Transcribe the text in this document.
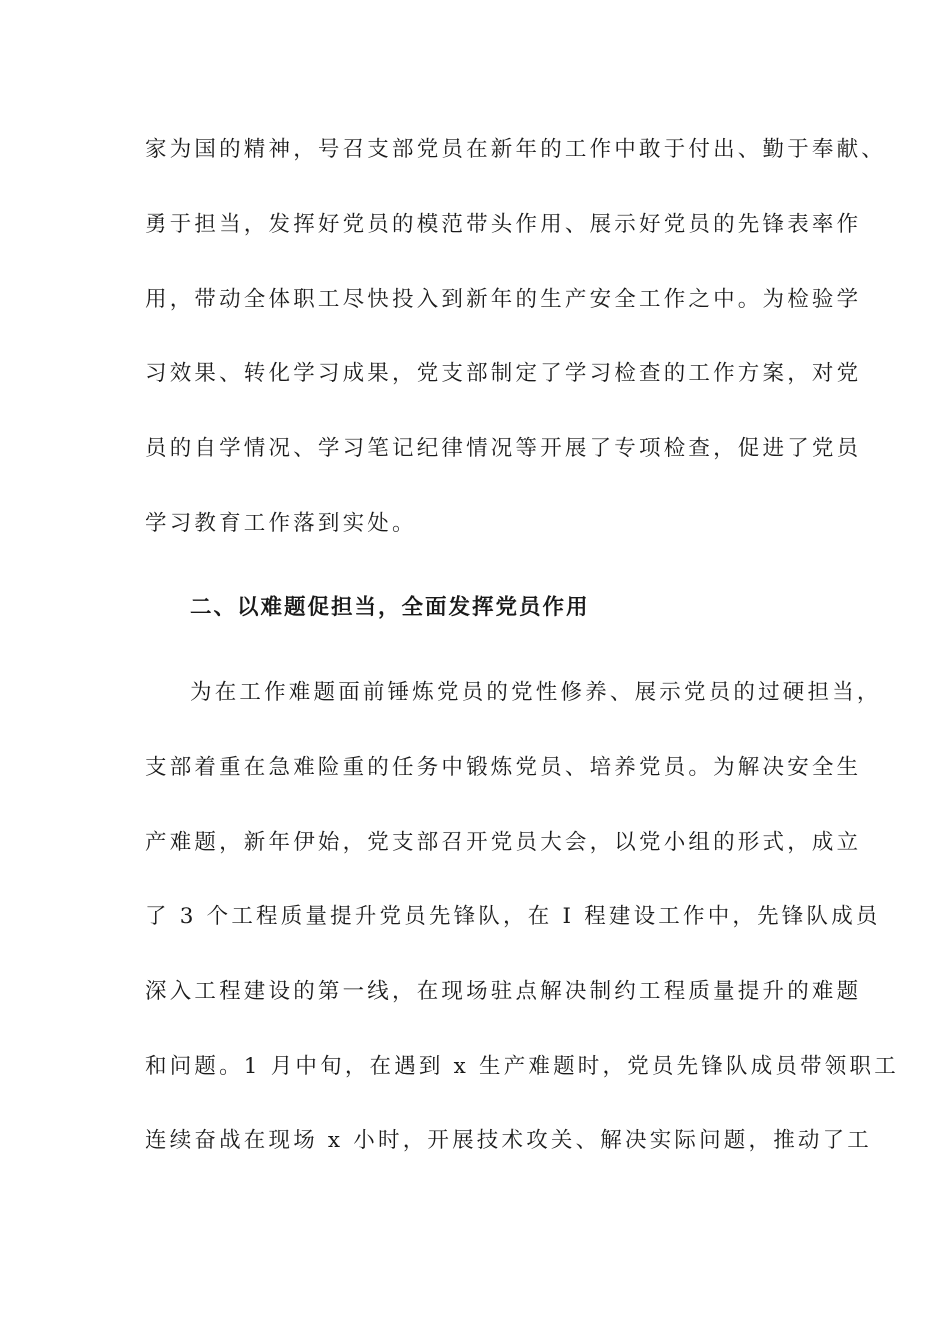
家为国的精神，号召支部党员在新年的工作中敢于付出、勤于奉献、
勇于担当，发挥好党员的模范带头作用、展示好党员的先锋表率作
用，带动全体职工尽快投入到新年的生产安全工作之中。为检验学
习效果、转化学习成果，党支部制定了学习检查的工作方案，对党
员的自学情况、学习笔记纪律情况等开展了专项检查，促进了党员
学习教育工作落到实处。
二、以难题促担当，全面发挥党员作用
为在工作难题面前锤炼党员的党性修养、展示党员的过硬担当，
支部着重在急难险重的任务中锻炼党员、培养党员。为解决安全生
产难题，新年伊始，党支部召开党员大会，以党小组的形式，成立
了 3 个工程质量提升党员先锋队，在 I 程建设工作中，先锋队成员
深入工程建设的第一线，在现场驻点解决制约工程质量提升的难题
和问题。1 月中旬，在遇到 x 生产难题时，党员先锋队成员带领职工
连续奋战在现场 x 小时，开展技术攻关、解决实际问题，推动了工
